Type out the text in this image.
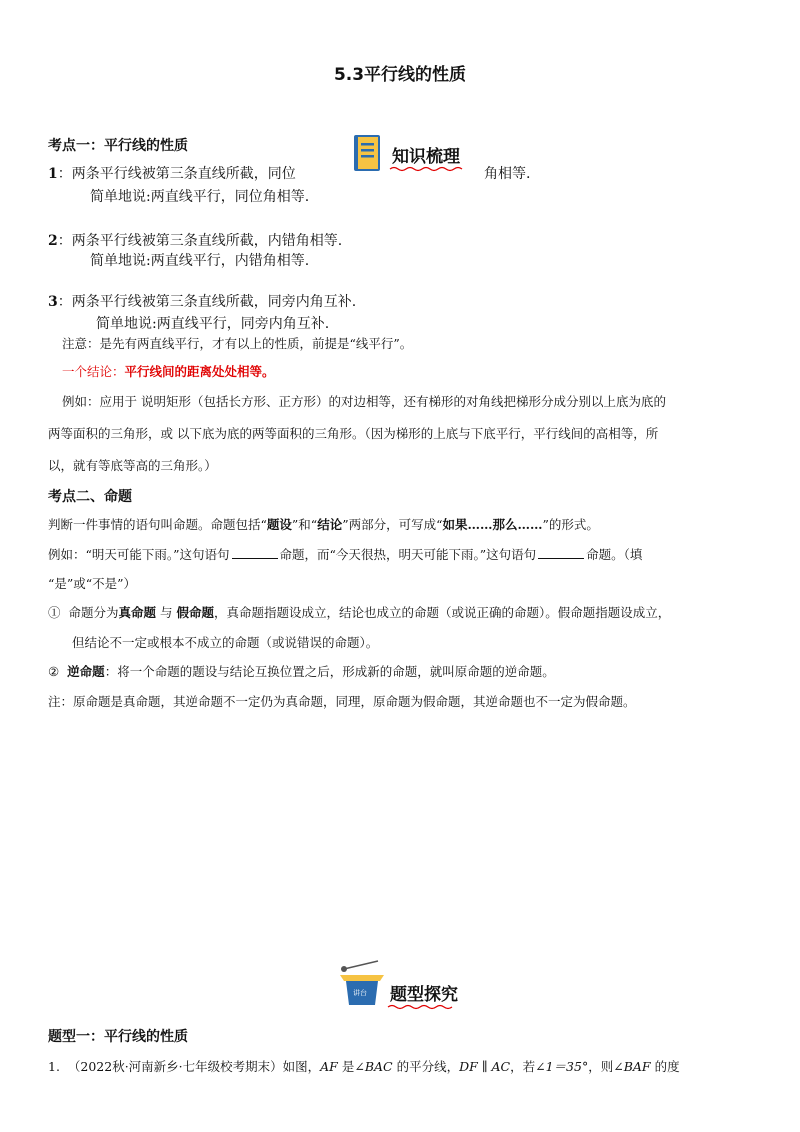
5.3平行线的性质
知识梳理
考点一：平行线的性质
1：两条平行线被第三条直线所截，同位	角相等.
简单地说:两直线平行，同位角相等.
2：两条平行线被第三条直线所截，内错角相等.
简单地说:两直线平行，内错角相等.
3：两条平行线被第三条直线所截，同旁内角互补.
简单地说:两直线平行，同旁内角互补.
注意：是先有两直线平行，才有以上的性质，前提是“线平行”。
一个结论：平行线间的距离处处相等。
例如：应用于 说明矩形（包括长方形、正方形）的对边相等，还有梯形的对角线把梯形分成分别以上底为底的
两等面积的三角形，或 以下底为底的两等面积的三角形。（因为梯形的上底与下底平行，平行线间的高相等，所
以，就有等底等高的三角形。）
考点二、命题
判断一件事情的语句叫命题。命题包括“题设”和“结论”两部分，可写成“如果……那么……”的形式。
例如：“明天可能下雨。”这句语句	命题，而“今天很热，明天可能下雨。”这句语句	命题。（填
“是”或“不是”）
① 命题分为真命题 与 假命题，真命题指题设成立，结论也成立的命题（或说正确的命题）。假命题指题设成立，
但结论不一定或根本不成立的命题（或说错误的命题）。
② 逆命题：将一个命题的题设与结论互换位置之后，形成新的命题，就叫原命题的逆命题。
注：原命题是真命题，其逆命题不一定仍为真命题，同理，原命题为假命题，其逆命题也不一定为假命题。
讲台 题型探究
题型一：平行线的性质
1. （2022秋·河南新乡·七年级校考期末）如图，AF 是∠BAC 的平分线，DF ∥ AC，若∠1＝35°，则∠BAF 的度
